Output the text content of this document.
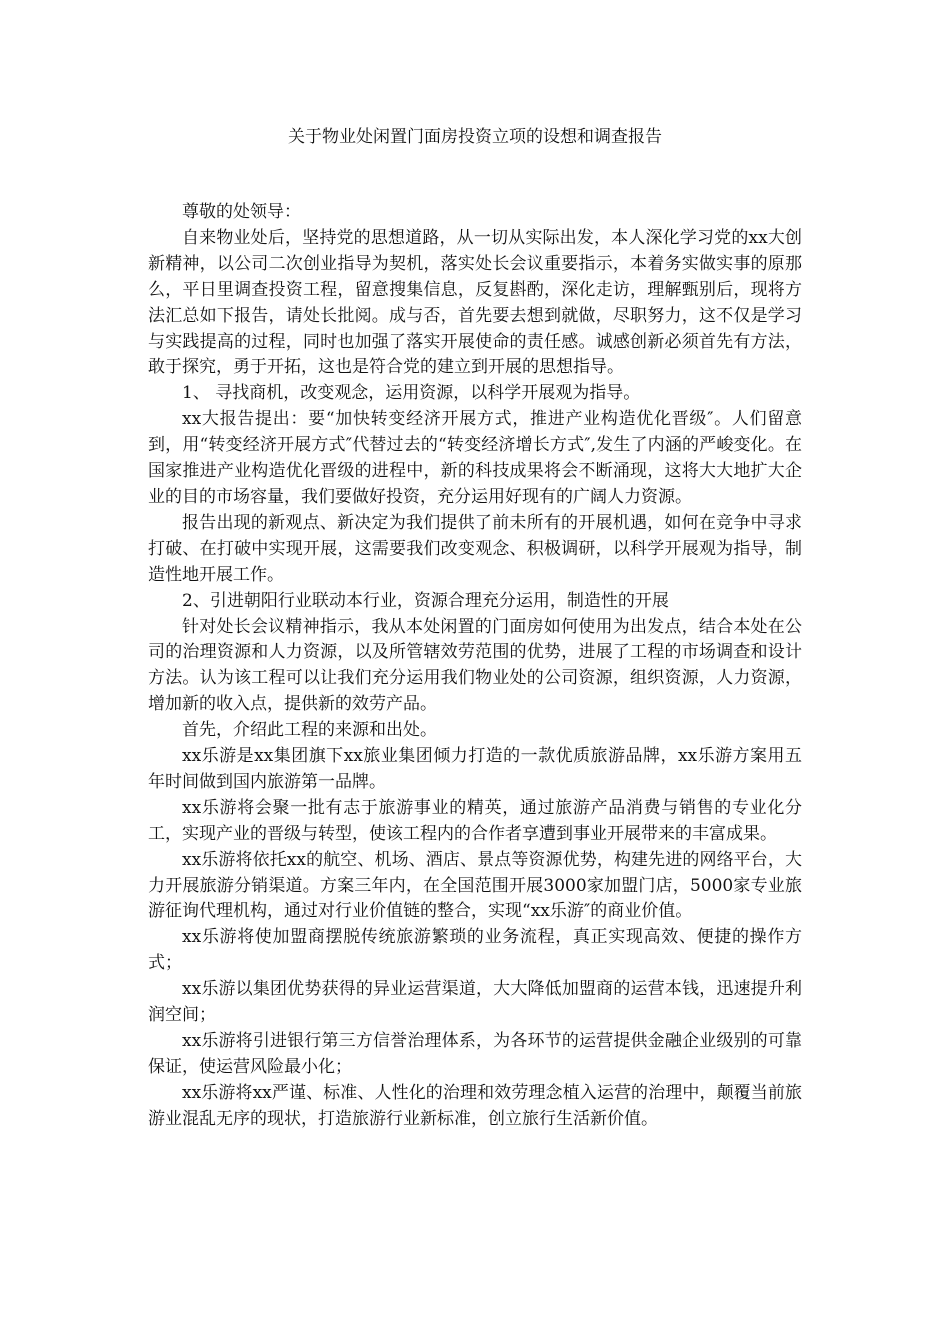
关于物业处闲置门面房投资立项的设想和调查报告

尊敬的处领导：

自来物业处后，坚持党的思想道路，从一切从实际出发，本人深化学习党的xx大创新精神，以公司二次创业指导为契机，落实处长会议重要指示，本着务实做实事的原那么，平日里调查投资工程，留意搜集信息，反复斟酌，深化走访，理解甄别后，现将方法汇总如下报告，请处长批阅。成与否，首先要去想到就做，尽职努力，这不仅是学习与实践提高的过程，同时也加强了落实开展使命的责任感。诚感创新必须首先有方法，敢于探究，勇于开拓，这也是符合党的建立到开展的思想指导。

1、 寻找商机，改变观念，运用资源，以科学开展观为指导。

xx大报告提出：要“加快转变经济开展方式，推进产业构造优化晋级″。人们留意到，用“转变经济开展方式″代替过去的“转变经济增长方式″,发生了内涵的严峻变化。在国家推进产业构造优化晋级的进程中，新的科技成果将会不断涌现，这将大大地扩大企业的目的市场容量，我们要做好投资，充分运用好现有的广阔人力资源。

报告出现的新观点、新决定为我们提供了前未所有的开展机遇，如何在竞争中寻求打破、在打破中实现开展，这需要我们改变观念、积极调研，以科学开展观为指导，制造性地开展工作。

2、引进朝阳行业联动本行业，资源合理充分运用，制造性的开展

针对处长会议精神指示，我从本处闲置的门面房如何使用为出发点，结合本处在公司的治理资源和人力资源，以及所管辖效劳范围的优势，进展了工程的市场调查和设计方法。认为该工程可以让我们充分运用我们物业处的公司资源，组织资源，人力资源，增加新的收入点，提供新的效劳产品。

首先，介绍此工程的来源和出处。

xx乐游是xx集团旗下xx旅业集团倾力打造的一款优质旅游品牌，xx乐游方案用五年时间做到国内旅游第一品牌。

xx乐游将会聚一批有志于旅游事业的精英，通过旅游产品消费与销售的专业化分工，实现产业的晋级与转型，使该工程内的合作者享遭到事业开展带来的丰富成果。

xx乐游将依托xx的航空、机场、酒店、景点等资源优势，构建先进的网络平台，大力开展旅游分销渠道。方案三年内，在全国范围开展3000家加盟门店，5000家专业旅游征询代理机构，通过对行业价值链的整合，实现“xx乐游″的商业价值。

xx乐游将使加盟商摆脱传统旅游繁琐的业务流程，真正实现高效、便捷的操作方式；

xx乐游以集团优势获得的异业运营渠道，大大降低加盟商的运营本钱，迅速提升利润空间；

xx乐游将引进银行第三方信誉治理体系，为各环节的运营提供金融企业级别的可靠保证，使运营风险最小化；

xx乐游将xx严谨、标准、人性化的治理和效劳理念植入运营的治理中，颠覆当前旅游业混乱无序的现状，打造旅游行业新标准，创立旅行生活新价值。
